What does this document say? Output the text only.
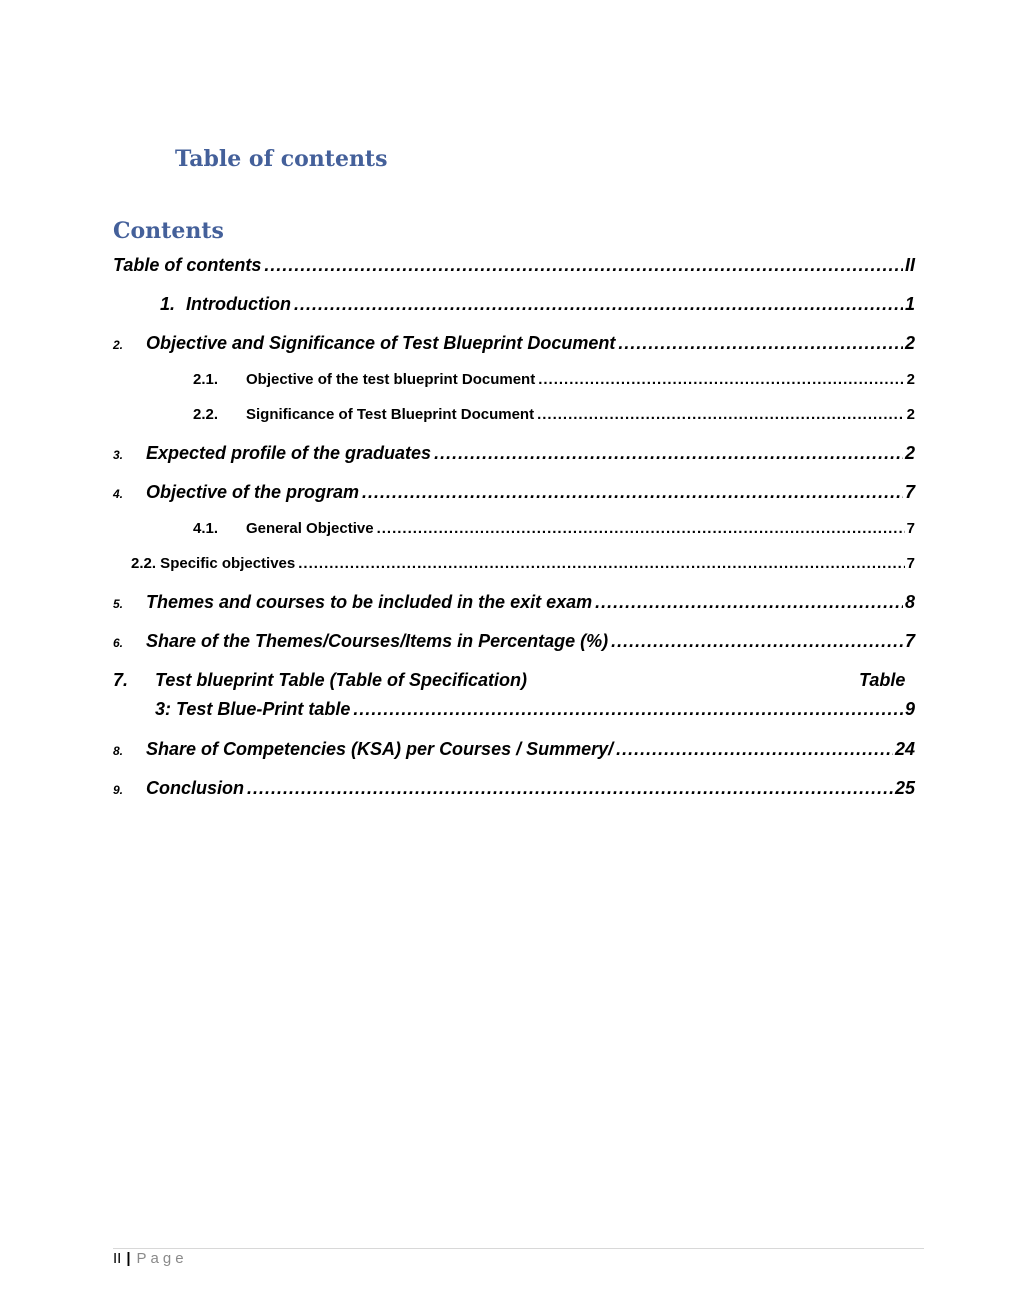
Table of contents
Contents
Table of contents .....	II
1. Introduction .....	1
2.	Objective and Significance of Test Blueprint Document .....	2
2.1.	Objective of the test blueprint Document .....	2
2.2.	Significance of Test Blueprint Document .....	2
3.	Expected profile of the graduates .....	2
4.	Objective of the program .....	7
4.1.	General Objective .....	7
2.2. Specific objectives .....	7
5.	Themes and courses to be included in the exit exam .....	8
6.	Share of the Themes/Courses/Items in Percentage (%) .....	7
7. Test blueprint Table (Table of Specification)	Table
3: Test Blue-Print table .....	9
8.	Share of Competencies (KSA) per Courses / Summery/ .....	24
9.	Conclusion .....	25
II | Page
